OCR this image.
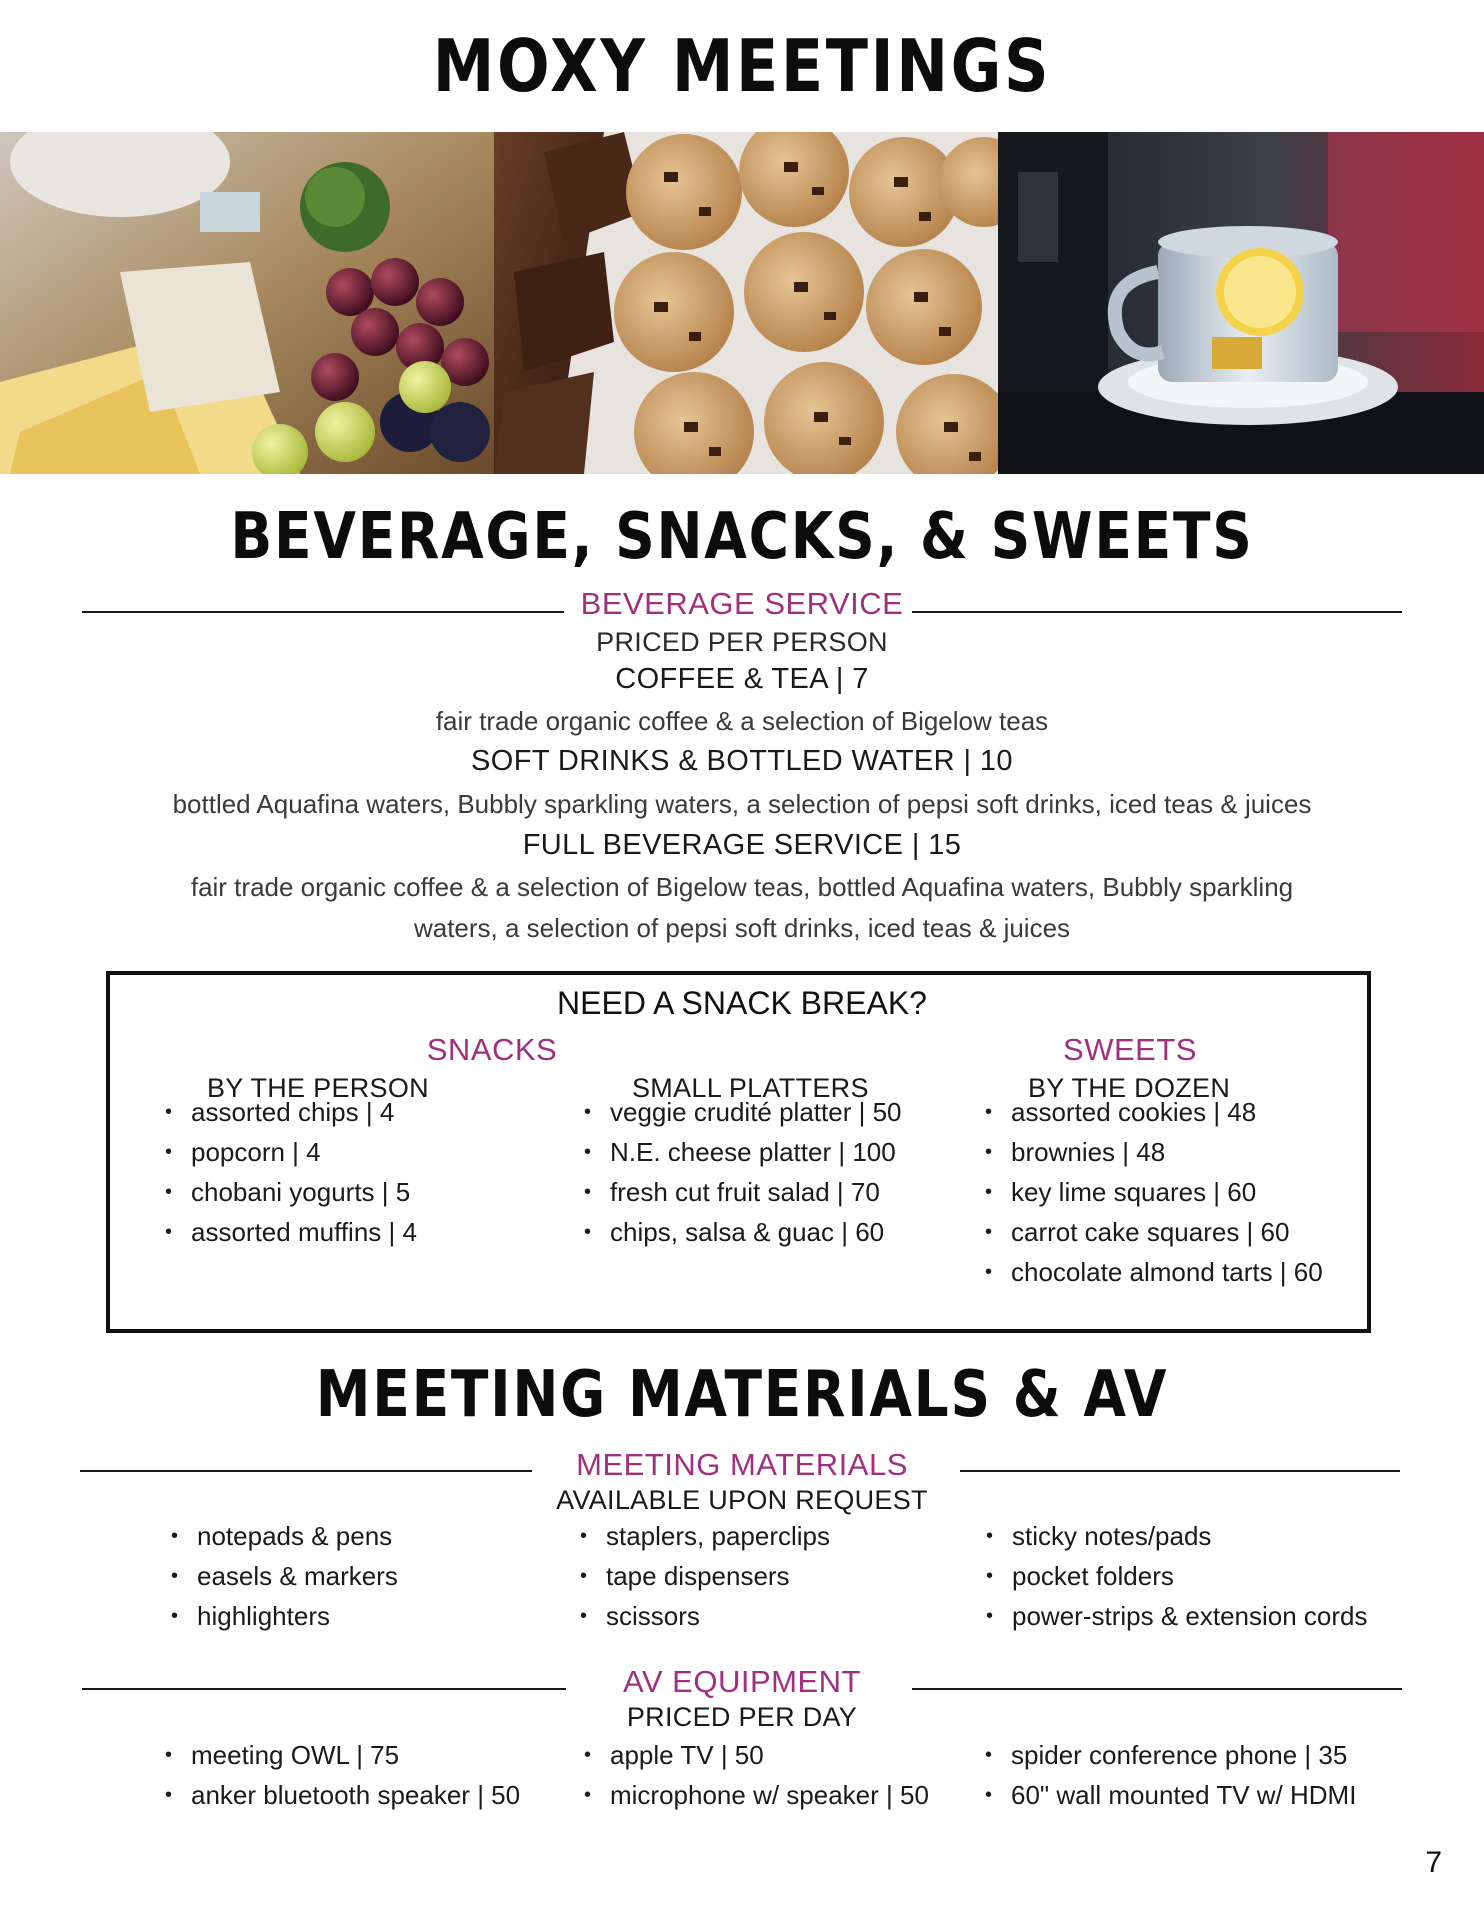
MOXY MEETINGS
BEVERAGE, SNACKS, & SWEETS
BEVERAGE SERVICE
PRICED PER PERSON
COFFEE & TEA | 7
fair trade organic coffee & a selection of Bigelow teas
SOFT DRINKS & BOTTLED WATER | 10
bottled Aquafina waters, Bubbly sparkling waters, a selection of pepsi soft drinks, iced teas & juices
FULL BEVERAGE SERVICE | 15
fair trade organic coffee & a selection of Bigelow teas, bottled Aquafina waters, Bubbly sparkling
waters, a selection of pepsi soft drinks, iced teas & juices
NEED A SNACK BREAK?
SNACKS	SWEETS
BY THE PERSON	SMALL PLATTERS	BY THE DOZEN
• assorted chips | 4
• popcorn | 4
• chobani yogurts | 5
• assorted muffins | 4
• veggie crudité platter | 50
• N.E. cheese platter | 100
• fresh cut fruit salad | 70
• chips, salsa & guac | 60
• assorted cookies | 48
• brownies | 48
• key lime squares | 60
• carrot cake squares | 60
• chocolate almond tarts | 60
MEETING MATERIALS & AV
MEETING MATERIALS
AVAILABLE UPON REQUEST
• notepads & pens
• easels & markers
• highlighters
• staplers, paperclips
• tape dispensers
• scissors
• sticky notes/pads
• pocket folders
• power-strips & extension cords
AV EQUIPMENT
PRICED PER DAY
• meeting OWL | 75
• anker bluetooth speaker | 50
• apple TV | 50
• microphone w/ speaker | 50
• spider conference phone | 35
• 60" wall mounted TV w/ HDMI
7
